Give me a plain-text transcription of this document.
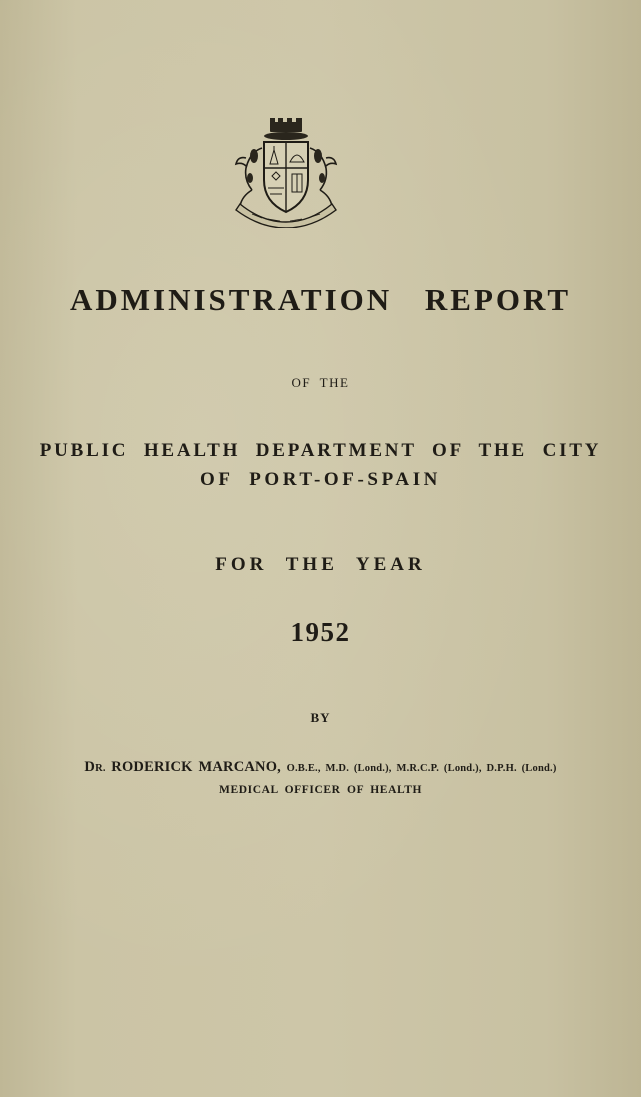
ADMINISTRATION REPORT
OF THE
PUBLIC HEALTH DEPARTMENT OF THE CITY
OF PORT-OF-SPAIN
FOR THE YEAR
1952
BY
DR. RODERICK MARCANO, O.B.E., M.D. (Lond.), M.R.C.P. (Lond.), D.P.H. (Lond.)
MEDICAL OFFICER OF HEALTH
